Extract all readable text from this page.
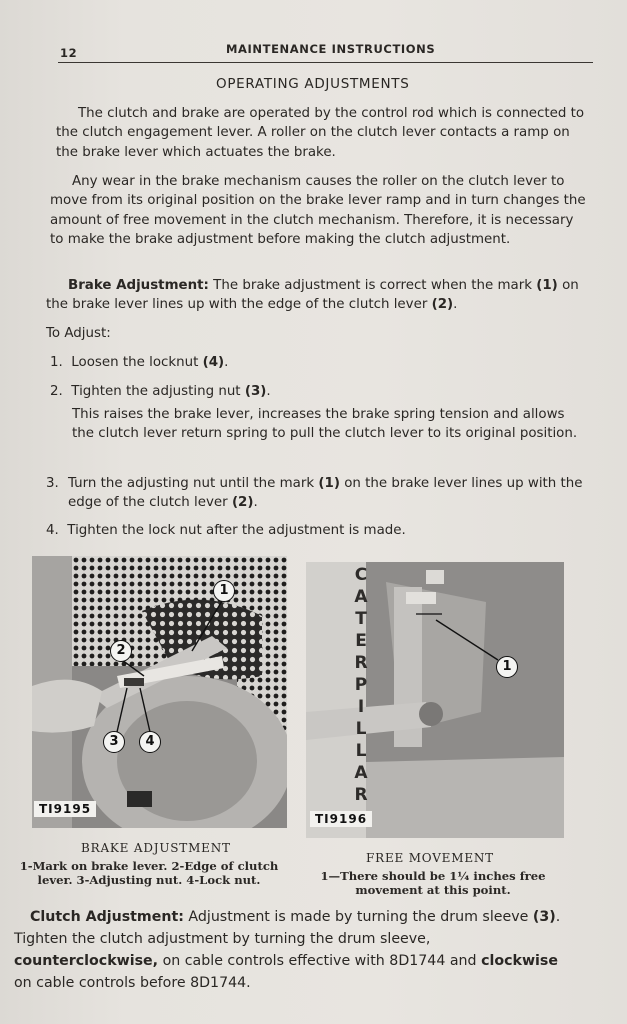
12	MAINTENANCE INSTRUCTIONS
OPERATING ADJUSTMENTS

The clutch and brake are operated by the control rod which is connected to the clutch engagement lever. A roller on the clutch lever contacts a ramp on the brake lever which actuates the brake.

Any wear in the brake mechanism causes the roller on the clutch lever to move from its original position on the brake lever ramp and in turn changes the amount of free movement in the clutch mechanism. Therefore, it is necessary to make the brake adjustment before making the clutch adjustment.

Brake Adjustment: The brake adjustment is correct when the mark (1) on the brake lever lines up with the edge of the clutch lever (2).

To Adjust:

1. Loosen the locknut (4).

2. Tighten the adjusting nut (3).

This raises the brake lever, increases the brake spring tension and allows the clutch lever return spring to pull the clutch lever to its original position.

3. Turn the adjusting nut until the mark (1) on the brake lever lines up with the edge of the clutch lever (2).

4. Tighten the lock nut after the adjustment is made.

1
2
3	4
TI9195
C
A
T
E
R
P
I
L
L
A
R
1
TI9196
BRAKE ADJUSTMENT
1-Mark on brake lever. 2-Edge of clutch
lever. 3-Adjusting nut. 4-Lock nut.
FREE MOVEMENT
1—There should be 1¼ inches free
movement at this point.

Clutch Adjustment: Adjustment is made by turning the drum sleeve (3). Tighten the clutch adjustment by turning the drum sleeve, counterclockwise, on cable controls effective with 8D1744 and clockwise on cable controls before 8D1744.
